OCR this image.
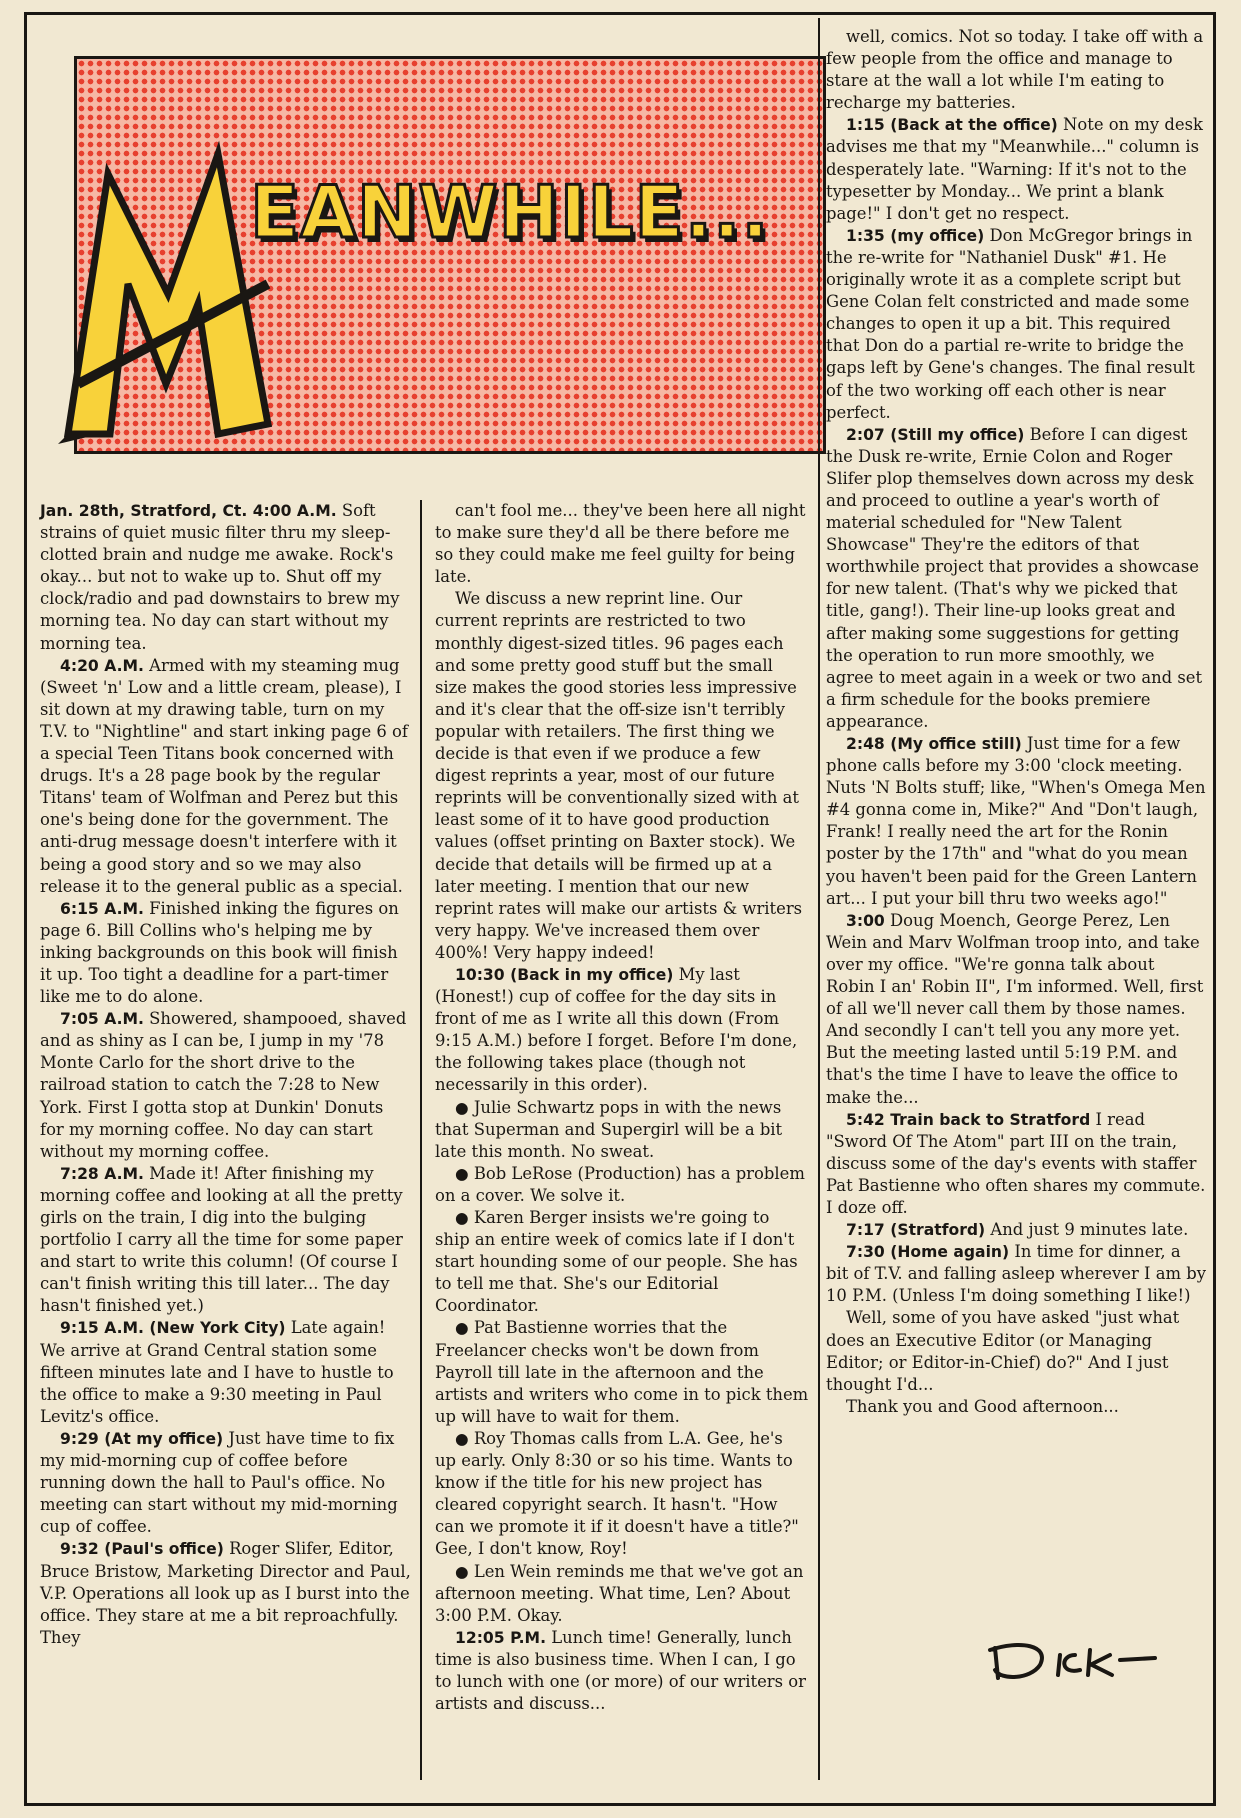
EANWHILE...

Jan. 28th, Stratford, Ct. 4:00 A.M. Soft strains of quiet music filter thru my sleep-clotted brain and nudge me awake. Rock's okay... but not to wake up to. Shut off my clock/radio and pad downstairs to brew my morning tea. No day can start without my morning tea.

4:20 A.M. Armed with my steaming mug (Sweet 'n' Low and a little cream, please), I sit down at my drawing table, turn on my T.V. to "Nightline" and start inking page 6 of a special Teen Titans book concerned with drugs. It's a 28 page book by the regular Titans' team of Wolfman and Perez but this one's being done for the government. The anti-drug message doesn't interfere with it being a good story and so we may also release it to the general public as a special.

6:15 A.M. Finished inking the figures on page 6. Bill Collins who's helping me by inking backgrounds on this book will finish it up. Too tight a deadline for a part-timer like me to do alone.

7:05 A.M. Showered, shampooed, shaved and as shiny as I can be, I jump in my '78 Monte Carlo for the short drive to the railroad station to catch the 7:28 to New York. First I gotta stop at Dunkin' Donuts for my morning coffee. No day can start without my morning coffee.

7:28 A.M. Made it! After finishing my morning coffee and looking at all the pretty girls on the train, I dig into the bulging portfolio I carry all the time for some paper and start to write this column! (Of course I can't finish writing this till later... The day hasn't finished yet.)

9:15 A.M. (New York City) Late again! We arrive at Grand Central station some fifteen minutes late and I have to hustle to the office to make a 9:30 meeting in Paul Levitz's office.

9:29 (At my office) Just have time to fix my mid-morning cup of coffee before running down the hall to Paul's office. No meeting can start without my mid-morning cup of coffee.

9:32 (Paul's office) Roger Slifer, Editor, Bruce Bristow, Marketing Director and Paul, V.P. Operations all look up as I burst into the office. They stare at me a bit reproachfully. They

can't fool me... they've been here all night to make sure they'd all be there before me so they could make me feel guilty for being late.

We discuss a new reprint line. Our current reprints are restricted to two monthly digest-sized titles. 96 pages each and some pretty good stuff but the small size makes the good stories less impressive and it's clear that the off-size isn't terribly popular with retailers. The first thing we decide is that even if we produce a few digest reprints a year, most of our future reprints will be conventionally sized with at least some of it to have good production values (offset printing on Baxter stock). We decide that details will be firmed up at a later meeting. I mention that our new reprint rates will make our artists & writers very happy. We've increased them over 400%! Very happy indeed!

10:30 (Back in my office) My last (Honest!) cup of coffee for the day sits in front of me as I write all this down (From 9:15 A.M.) before I forget. Before I'm done, the following takes place (though not necessarily in this order).

● Julie Schwartz pops in with the news that Superman and Supergirl will be a bit late this month. No sweat.

● Bob LeRose (Production) has a problem on a cover. We solve it.

● Karen Berger insists we're going to ship an entire week of comics late if I don't start hounding some of our people. She has to tell me that. She's our Editorial Coordinator.

● Pat Bastienne worries that the Freelancer checks won't be down from Payroll till late in the afternoon and the artists and writers who come in to pick them up will have to wait for them.

● Roy Thomas calls from L.A. Gee, he's up early. Only 8:30 or so his time. Wants to know if the title for his new project has cleared copyright search. It hasn't. "How can we promote it if it doesn't have a title?" Gee, I don't know, Roy!

● Len Wein reminds me that we've got an afternoon meeting. What time, Len? About 3:00 P.M. Okay.

12:05 P.M. Lunch time! Generally, lunch time is also business time. When I can, I go to lunch with one (or more) of our writers or artists and discuss...

well, comics. Not so today. I take off with a few people from the office and manage to stare at the wall a lot while I'm eating to recharge my batteries.

1:15 (Back at the office) Note on my desk advises me that my "Meanwhile..." column is desperately late. "Warning: If it's not to the typesetter by Monday... We print a blank page!" I don't get no respect.

1:35 (my office) Don McGregor brings in the re-write for "Nathaniel Dusk" #1. He originally wrote it as a complete script but Gene Colan felt constricted and made some changes to open it up a bit. This required that Don do a partial re-write to bridge the gaps left by Gene's changes. The final result of the two working off each other is near perfect.

2:07 (Still my office) Before I can digest the Dusk re-write, Ernie Colon and Roger Slifer plop themselves down across my desk and proceed to outline a year's worth of material scheduled for "New Talent Showcase" They're the editors of that worthwhile project that provides a showcase for new talent. (That's why we picked that title, gang!). Their line-up looks great and after making some suggestions for getting the operation to run more smoothly, we agree to meet again in a week or two and set a firm schedule for the books premiere appearance.

2:48 (My office still) Just time for a few phone calls before my 3:00 'clock meeting. Nuts 'N Bolts stuff; like, "When's Omega Men #4 gonna come in, Mike?" And "Don't laugh, Frank! I really need the art for the Ronin poster by the 17th" and "what do you mean you haven't been paid for the Green Lantern art... I put your bill thru two weeks ago!"

3:00 Doug Moench, George Perez, Len Wein and Marv Wolfman troop into, and take over my office. "We're gonna talk about Robin I an' Robin II", I'm informed. Well, first of all we'll never call them by those names. And secondly I can't tell you any more yet. But the meeting lasted until 5:19 P.M. and that's the time I have to leave the office to make the...

5:42 Train back to Stratford I read "Sword Of The Atom" part III on the train, discuss some of the day's events with staffer Pat Bastienne who often shares my commute. I doze off.

7:17 (Stratford) And just 9 minutes late.

7:30 (Home again) In time for dinner, a bit of T.V. and falling asleep wherever I am by 10 P.M. (Unless I'm doing something I like!)

Well, some of you have asked "just what does an Executive Editor (or Managing Editor; or Editor-in-Chief) do?" And I just thought I'd...

Thank you and Good afternoon...

Dick
